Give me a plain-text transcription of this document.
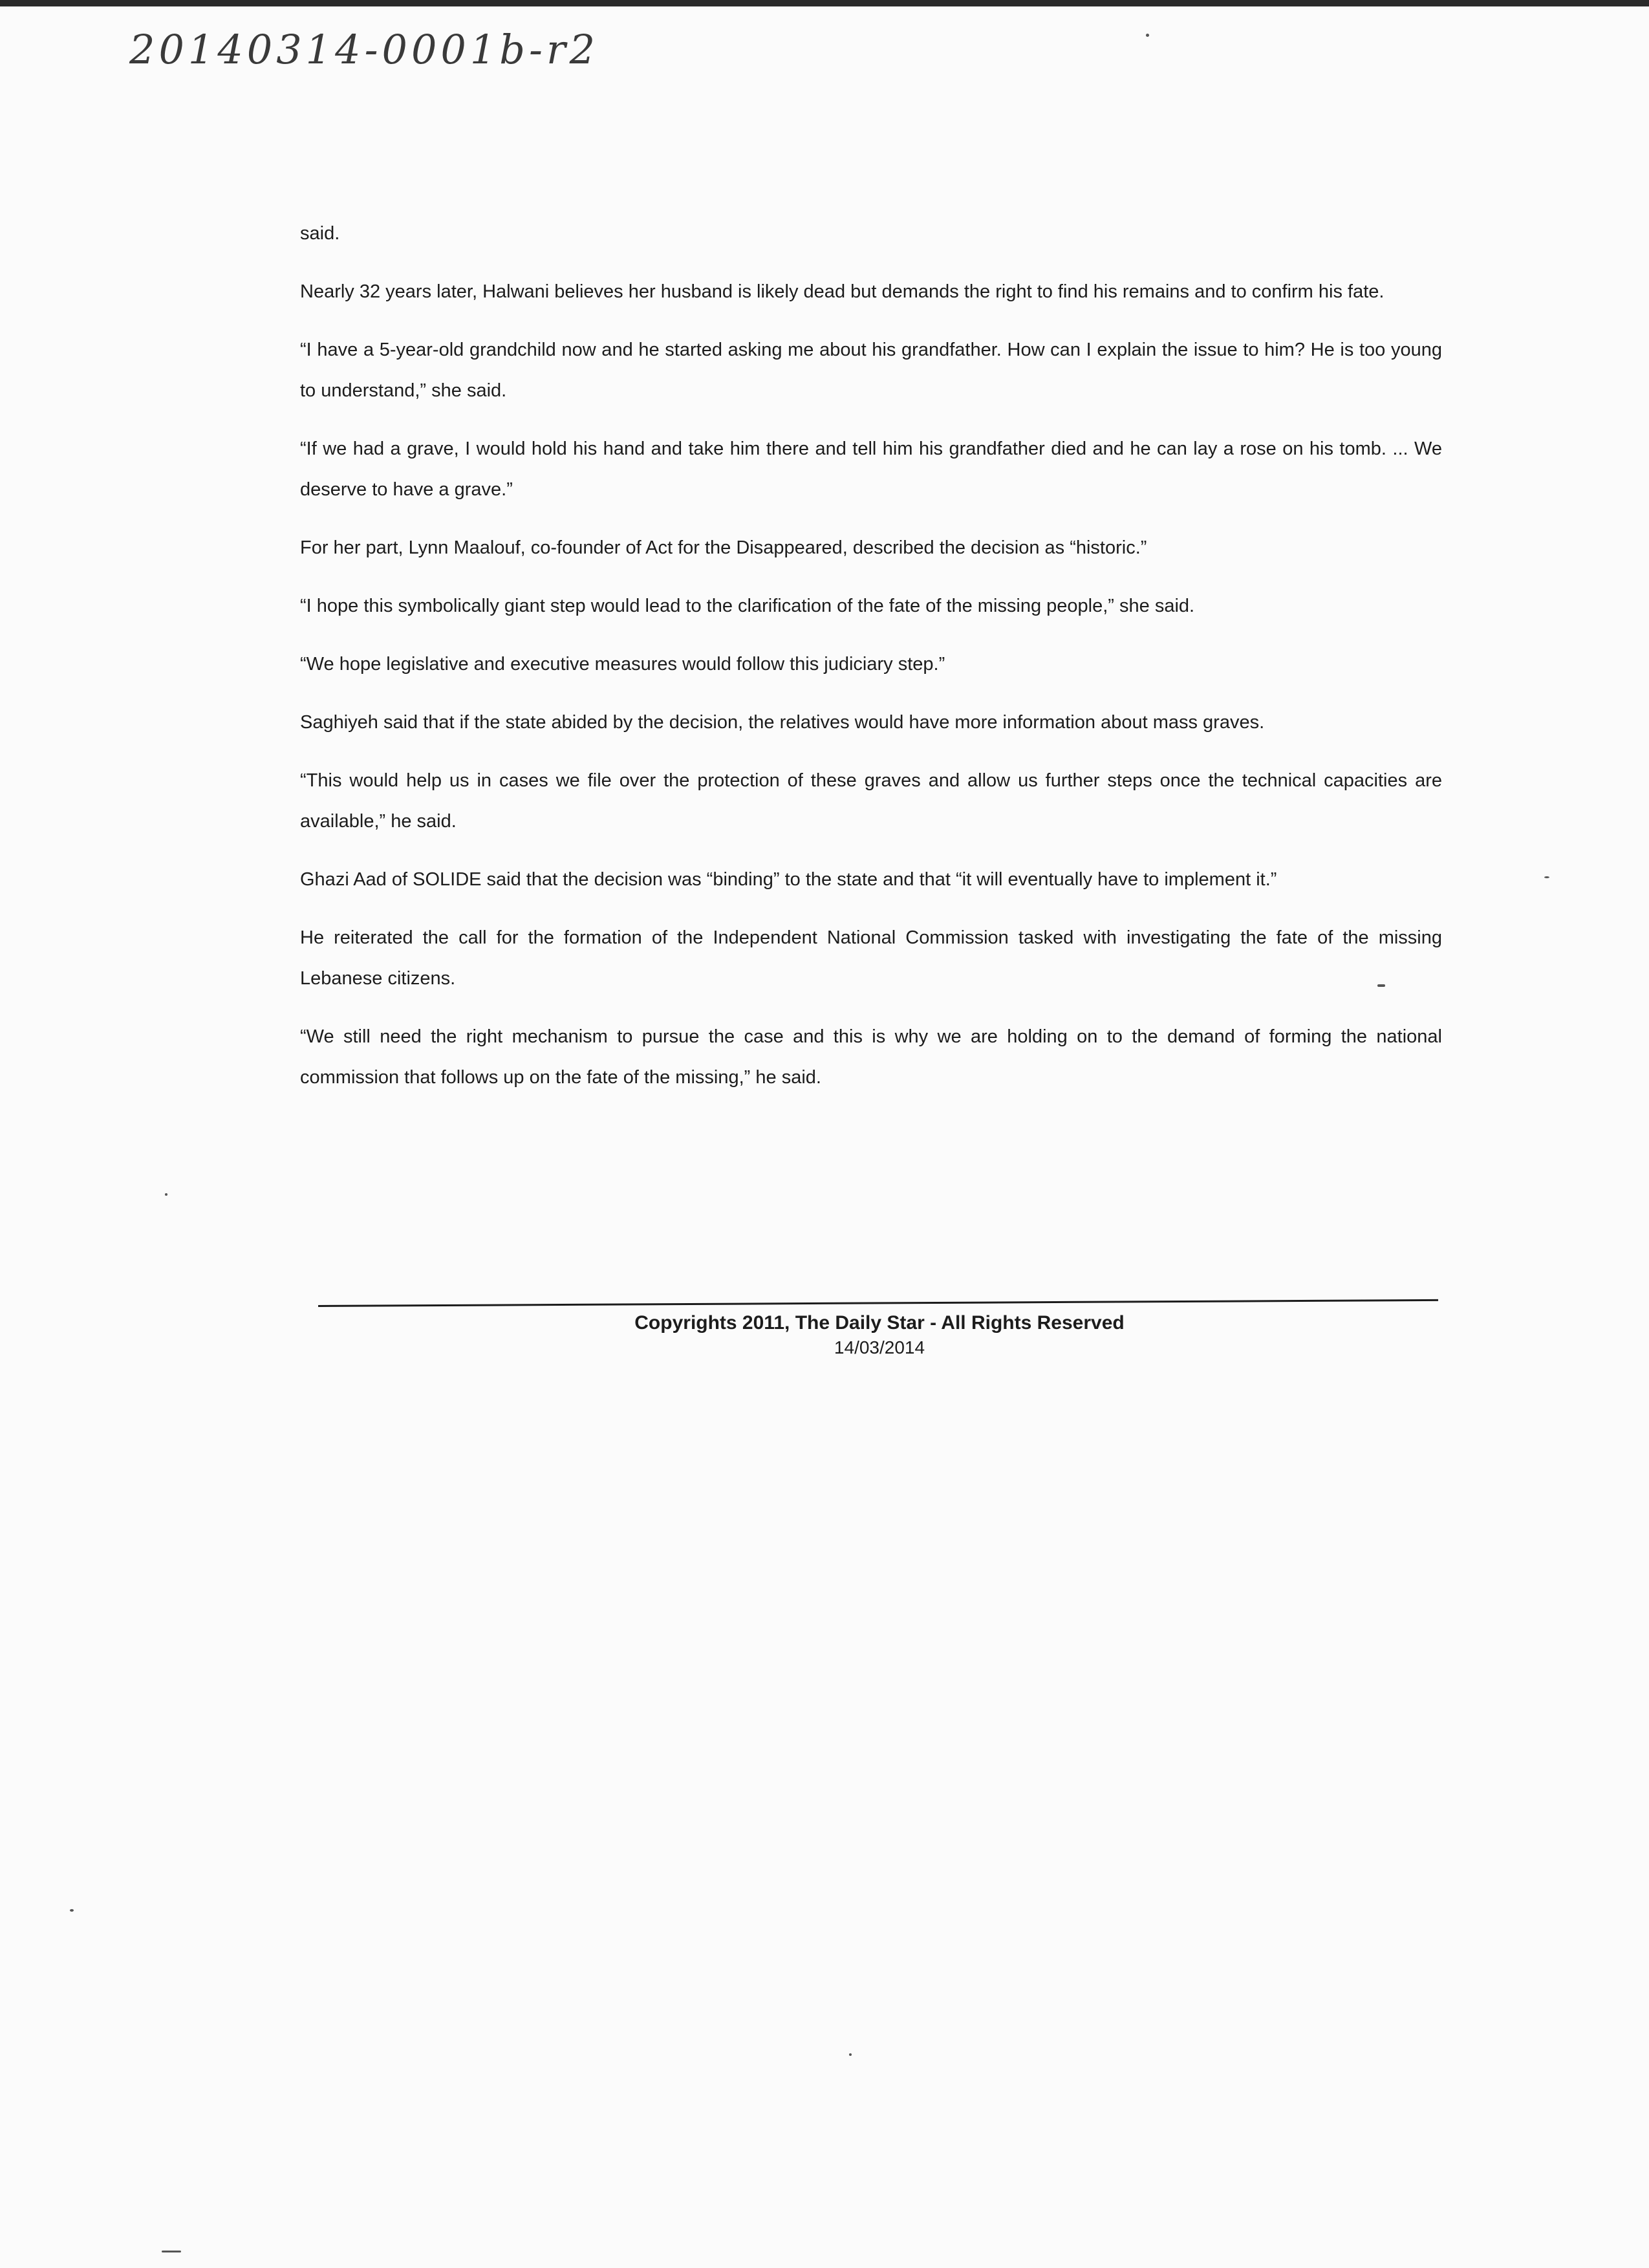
20140314-0001b-r2

said.

Nearly 32 years later, Halwani believes her husband is likely dead but demands the right to find his remains and to confirm his fate.

“I have a 5-year-old grandchild now and he started asking me about his grandfather. How can I explain the issue to him? He is too young to understand,” she said.

“If we had a grave, I would hold his hand and take him there and tell him his grandfather died and he can lay a rose on his tomb. ... We deserve to have a grave.”

For her part, Lynn Maalouf, co-founder of Act for the Disappeared, described the decision as “historic.”

“I hope this symbolically giant step would lead to the clarification of the fate of the missing people,” she said.

“We hope legislative and executive measures would follow this judiciary step.”

Saghiyeh said that if the state abided by the decision, the relatives would have more information about mass graves.

“This would help us in cases we file over the protection of these graves and allow us further steps once the technical capacities are available,” he said.

Ghazi Aad of SOLIDE said that the decision was “binding” to the state and that “it will eventually have to implement it.”

He reiterated the call for the formation of the Independent National Commission tasked with investigating the fate of the missing Lebanese citizens.

“We still need the right mechanism to pursue the case and this is why we are holding on to the demand of forming the national commission that follows up on the fate of the missing,” he said.

Copyrights 2011, The Daily Star - All Rights Reserved
14/03/2014
